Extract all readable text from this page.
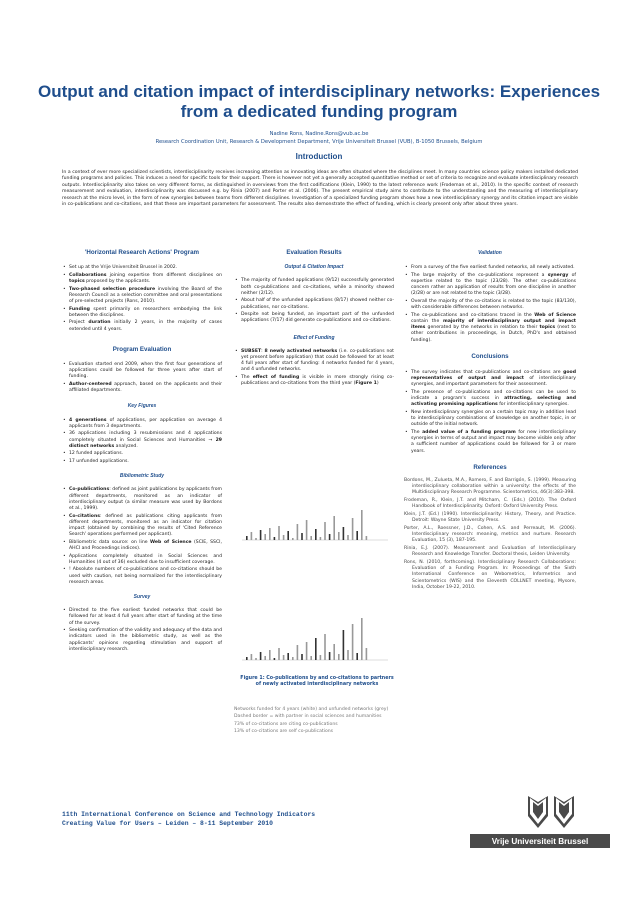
Output and citation impact of interdisciplinary networks: Experiences from a dedicated funding program
Nadine Rons, Nadine.Rons@vub.ac.be
Research Coordination Unit, Research & Development Department, Vrije Universiteit Brussel (VUB), B-1050 Brussels, Belgium
Introduction
In a context of ever more specialized scientists, interdisciplinarity receives increasing attention as innovating ideas are often situated where the disciplines meet. In many countries science policy makers installed dedicated funding programs and policies. This induces a need for specific tools for their support. There is however not yet a generally accepted quantitative method or set of criteria to recognize and evaluate interdisciplinary research outputs. Interdisciplinarity also takes on very different forms, as distinguished in overviews from the first codifications (Klein, 1990) to the latest reference work (Frodeman et al., 2010). In the specific context of research measurement and evaluation, interdisciplinarity was discussed e.g. by Rinia (2007) and Porter et al. (2006). The present empirical study aims to contribute to the understanding and the measuring of interdisciplinary research at the micro level, in the form of new synergies between teams from different disciplines. Investigation of a specialized funding program shows how a new interdisciplinary synergy and its citation impact are visible in co-publications and co-citations, and that these are important parameters for assessment. The results also demonstrate the effect of funding, which is clearly present only after about three years.
'Horizontal Research Actions' Program
• Set up at the Vrije Universiteit Brussel in 2002.
• Collaborations joining expertise from different disciplines on topics proposed by the applicants.
• Two-phased selection procedure involving the Board of the Research Council as a selection committee and oral presentations of pre-selected projects (Rons, 2010).
• Funding spent primarily on researchers embodying the link between the disciplines.
• Project duration initially 2 years, in the majority of cases extended until 4 years.
Program Evaluation
• Evaluation started end 2009, when the first four generations of applications could be followed for three years after start of funding.
• Author-centered approach, based on the applicants and their affiliated departments.
Key Figures
• 4 generations of applications, per application on average 4 applicants from 3 departments.
• 36 applications including 3 resubmissions and 4 applications completely situated in Social Sciences and Humanities → 29 distinct networks analyzed.
• 12 funded applications.
• 17 unfunded applications.
Bibliometric Study
• Co-publications: defined as joint publications by applicants from different departments, monitored as an indicator of interdisciplinary output (a similar measure was used by Bordons et al., 1999).
• Co-citations: defined as publications citing applicants from different departments, monitored as an indicator for citation impact (obtained by combining the results of 'Cited Reference Search' operations performed per applicant).
• Bibliometric data source: on line Web of Science (SCIE, SSCI, AHCI and Proceedings indices).
• Applications completely situated in Social Sciences and Humanities (4 out of 36) excluded due to insufficient coverage.
• ! Absolute numbers of co-publications and co-citations should be used with caution, not being normalized for the interdisciplinary research areas.
Survey
• Directed to the five earliest funded networks that could be followed for at least 4 full years after start of funding at the time of the survey.
• Seeking confirmation of the validity and adequacy of the data and indicators used in the bibliometric study, as well as the applicants' opinions regarding stimulation and support of interdisciplinary research.
Evaluation Results
Output & Citation Impact
• The majority of funded applications (9/12) successfully generated both co-publications and co-citations, while a minority showed neither (2/12).
• About half of the unfunded applications (8/17) showed neither co-publications, nor co-citations.
• Despite not being funded, an important part of the unfunded applications (7/17) did generate co-publications and co-citations.
Effect of Funding
• SUBSET: 8 newly activated networks (i.e. co-publications not yet present before application) that could be followed for at least 4 full years after start of funding: 4 networks funded for 4 years, and 4 unfunded networks.
• The effect of funding is visible in more strongly rising co-publications and co-citations from the third year (Figure 1)
Figure 1: Co-publications by and co-citations to partners of newly activated interdisciplinary networks
Networks funded for 4 years (white) and unfunded networks (grey)
Dashed border = with partner in social sciences and humanities
73% of co-citations are citing co-publications
13% of co-citations are self co-publications
Validation
• From a survey of the five earliest funded networks, all newly activated.
• The large majority of the co-publications represent a synergy of expertise related to the topic (23/28). The other co-publications concern rather an application of results from one discipline in another (2/28) or are not related to the topic (3/28).
• Overall the majority of the co-citations is related to the topic (83/130), with considerable differences between networks.
• The co-publications and co-citations traced in the Web of Science contain the majority of interdisciplinary output and impact items generated by the networks in relation to their topics (next to other contributions in proceedings, in Dutch, PhD's and obtained funding).
Conclusions
• The survey indicates that co-publications and co-citations are good representatives of output and impact of interdisciplinary synergies, and important parameters for their assessment.
• The presence of co-publications and co-citations can be used to indicate a program's success in attracting, selecting and activating promising applications for interdisciplinary synergies.
• New interdisciplinary synergies on a certain topic may in addition lead to interdisciplinary combinations of knowledge on another topic, in or outside of the initial network.
• The added value of a funding program for new interdisciplinary synergies in terms of output and impact may become visible only after a sufficient number of applications could be followed for 3 or more years.
References

Bordons, M., Zulueta, M.A., Romero, F. and Barrigón, S. (1999). Measuring interdisciplinary collaboration within a university: the effects of the Multidisciplinary Research Programme. Scientometrics, 46(3):383-398.

Frodeman, R., Klein, J.T. and Mitcham, C. (Eds.) (2010). The Oxford Handbook of Interdisciplinarity. Oxford: Oxford University Press.

Klein, J.T. (Ed.) (1990). Interdisciplinarity: History, Theory, and Practice. Detroit: Wayne State University Press.

Porter, A.L., Roessner, J.D., Cohen, A.S. and Perreault, M. (2006). Interdisciplinary research: meaning, metrics and nurture. Research Evaluation, 15 (3), 187-195.

Rinia, E.J. (2007). Measurement and Evaluation of Interdisciplinary Research and Knowledge Transfer. Doctoral thesis, Leiden University.

Rons, N. (2010, forthcoming). Interdisciplinary Research Collaborations: Evaluation of a Funding Program. In: Proceedings of the Sixth International Conference on Webometrics, Informetrics and Scientometrics (WIS) and the Eleventh COLLNET meeting, Mysore, India, October 19-22, 2010.

11th International Conference on Science and Technology Indicators
Creating Value for Users – Leiden – 8-11 September 2010
Vrije Universiteit Brussel
